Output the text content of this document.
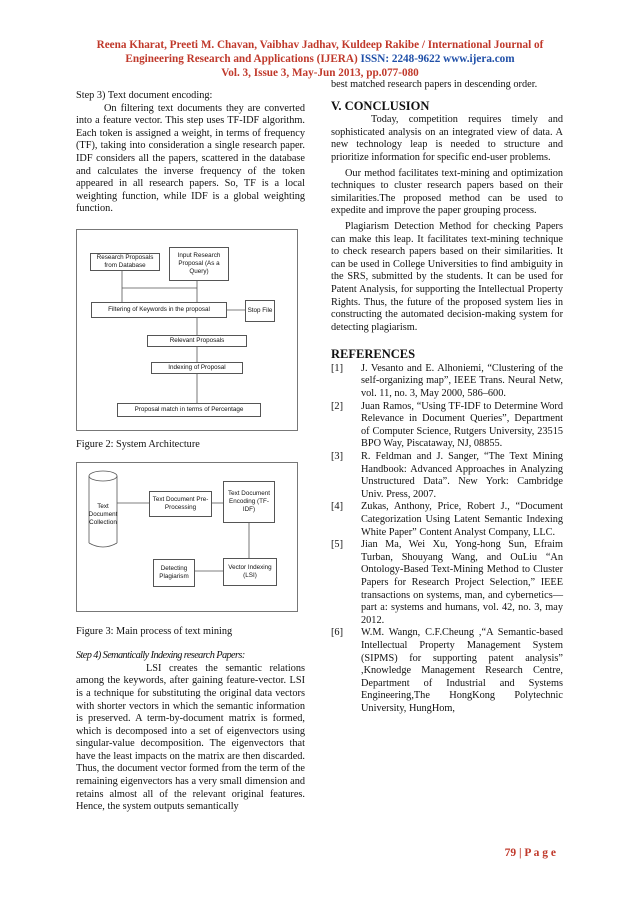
Reena Kharat, Preeti M. Chavan, Vaibhav Jadhav, Kuldeep Rakibe / International Journal of
Engineering Research and Applications (IJERA) ISSN: 2248-9622 www.ijera.com
Vol. 3, Issue 3, May-Jun 2013, pp.077-080

Step 3) Text document encoding:

On filtering text documents they are converted into a feature vector. This step uses TF-IDF algorithm. Each token is assigned a weight, in terms of frequency (TF), taking into consideration a single research paper. IDF considers all the papers, scattered in the database and calculates the inverse frequency of the token appeared in all research papers. So, TF is a local weighting function, while IDF is a global weighting function.

Research Proposals from Database
Input Research Proposal (As a Query)
Filtering of Keywords in the proposal	Stop File
Relevant Proposals
Indexing of Proposal
Proposal match in terms of Percentage

Figure 2: System Architecture

Text Document Collection
Text Document Pre-Processing
Text Document Encoding (TF-IDF)
Detecting Plagiarism
Vector Indexing (LSI)

Figure 3: Main process of text mining

Step 4) Semantically Indexing research Papers:

LSI creates the semantic relations among the keywords, after gaining feature-vector. LSI is a technique for substituting the original data vectors with shorter vectors in which the semantic information is preserved. A term-by-document matrix is formed, which is decomposed into a set of eigenvectors using singular-value decomposition. The eigenvectors that have the least impacts on the matrix are then discarded. Thus, the document vector formed from the term of the remaining eigenvectors has a very small dimension and retains almost all of the relevant original features. Hence, the system outputs semantically

best matched research papers in descending order.

V. CONCLUSION

Today, competition requires timely and sophisticated analysis on an integrated view of data. A new technology leap is needed to structure and prioritize information for specific end-user problems.

Our method facilitates text-mining and optimization techniques to cluster research papers based on their similarities.The proposed method can be used to expedite and improve the paper grouping process.

Plagiarism Detection Method for checking Papers can make this leap. It facilitates text-mining technique to check research papers based on their similarities. It can be used in College Universities to find ambiguity in the SRS, submitted by the students. It can be used for Patent Analysis, for supporting the Intellectual Property Rights. Thus, the future of the proposed system lies in constructing the automated decision-making system for detecting plagiarism.

REFERENCES
[1]	J. Vesanto and E. Alhoniemi, “Clustering of the self-organizing map”, IEEE Trans. Neural Netw, vol. 11, no. 3, May 2000, 586–600.
[2]	Juan Ramos, “Using TF-IDF to Determine Word Relevance in Document Queries”, Department of Computer Science, Rutgers University, 23515 BPO Way, Piscataway, NJ, 08855.
[3]	R. Feldman and J. Sanger, “The Text Mining Handbook: Advanced Approaches in Analyzing Unstructured Data”. New York: Cambridge Univ. Press, 2007.
[4]	Zukas, Anthony, Price, Robert J., “Document Categorization Using Latent Semantic Indexing White Paper” Content Analyst Company, LLC.
[5]	Jian Ma, Wei Xu, Yong-hong Sun, Efraim Turban, Shouyang Wang, and OuLiu “An Ontology-Based Text-Mining Method to Cluster Papers for Research Project Selection,” IEEE transactions on systems, man, and cybernetics—part a: systems and humans, vol. 42, no. 3, may 2012.
[6]	W.M. Wangn, C.F.Cheung ,“A Semantic-based Intellectual Property Management System (SIPMS) for supporting patent analysis” ,Knowledge Management Research Centre, Department of Industrial and Systems Engineering,The HongKong Polytechnic University, HungHom,
79 | P a g e
